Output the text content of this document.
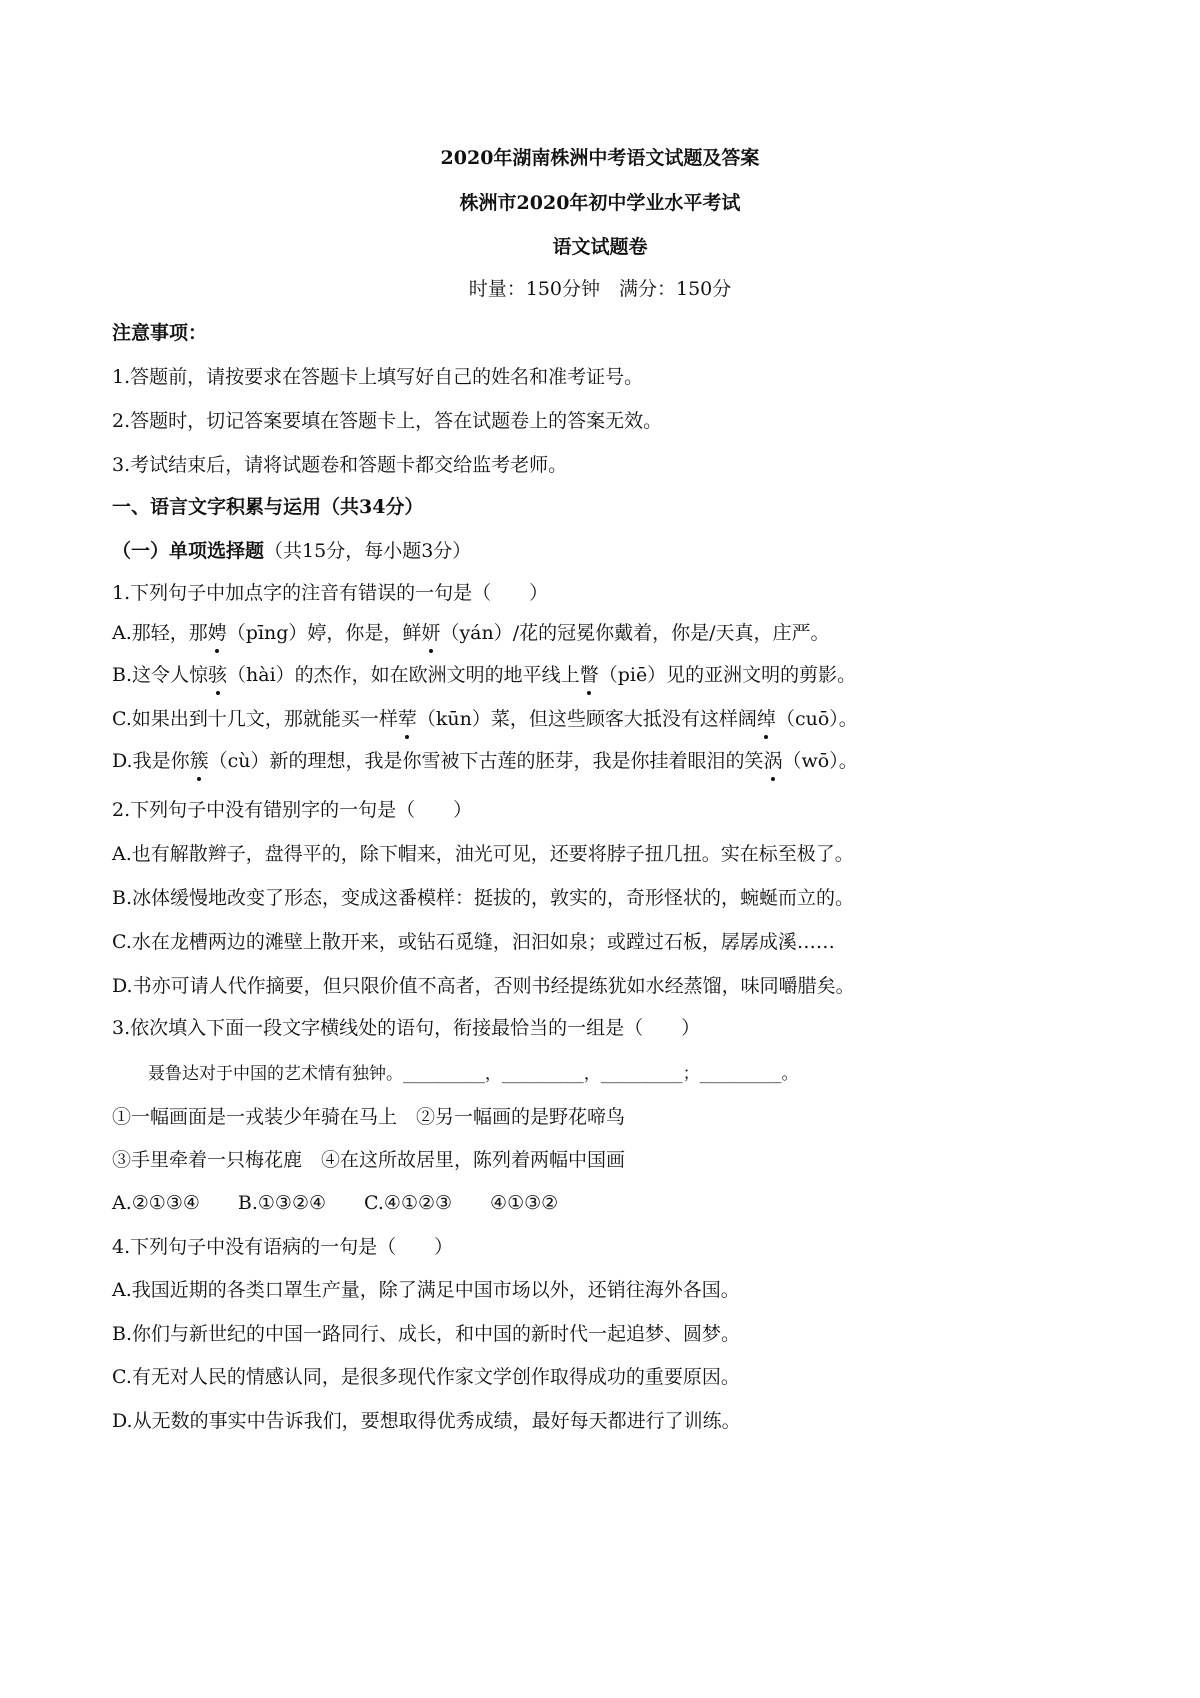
2020年湖南株洲中考语文试题及答案
株洲市2020年初中学业水平考试
语文试题卷
时量：150分钟　满分：150分
注意事项：
1.答题前，请按要求在答题卡上填写好自己的姓名和准考证号。
2.答题时，切记答案要填在答题卡上，答在试题卷上的答案无效。
3.考试结束后，请将试题卷和答题卡都交给监考老师。
一、语言文字积累与运用（共34分）
（一）单项选择题（共15分，每小题3分）
1.下列句子中加点字的注音有错误的一句是（　　）
A.那轻，那娉（pīng）婷，你是，鲜妍（yán）/花的冠冕你戴着，你是/天真，庄严。
B.这令人惊骇（hài）的杰作，如在欧洲文明的地平线上瞥（piē）见的亚洲文明的剪影。
C.如果出到十几文，那就能买一样荤（kūn）菜，但这些顾客大抵没有这样阔绰（cuō）。
D.我是你簇（cù）新的理想，我是你雪被下古莲的胚芽，我是你挂着眼泪的笑涡（wō）。
2.下列句子中没有错别字的一句是（　　）
A.也有解散辫子，盘得平的，除下帽来，油光可见，还要将脖子扭几扭。实在标至极了。
B.冰体缓慢地改变了形态，变成这番模样：挺拔的，敦实的，奇形怪状的，蜿蜒而立的。
C.水在龙槽两边的滩壁上散开来，或钻石觅缝，汩汩如泉；或蹚过石板，孱孱成溪……
D.书亦可请人代作摘要，但只限价值不高者，否则书经提练犹如水经蒸馏，味同嚼腊矣。
3.依次填入下面一段文字横线处的语句，衔接最恰当的一组是（　　）
聂鲁达对于中国的艺术情有独钟。________，________，________；________。
①一幅画面是一戎装少年骑在马上　②另一幅画的是野花啼鸟
③手里牵着一只梅花鹿　④在这所故居里，陈列着两幅中国画
A.②①③④　　B.①③②④　　C.④①②③　　④①③②
4.下列句子中没有语病的一句是（　　）
A.我国近期的各类口罩生产量，除了满足中国市场以外，还销往海外各国。
B.你们与新世纪的中国一路同行、成长，和中国的新时代一起追梦、圆梦。
C.有无对人民的情感认同，是很多现代作家文学创作取得成功的重要原因。
D.从无数的事实中告诉我们，要想取得优秀成绩，最好每天都进行了训练。
